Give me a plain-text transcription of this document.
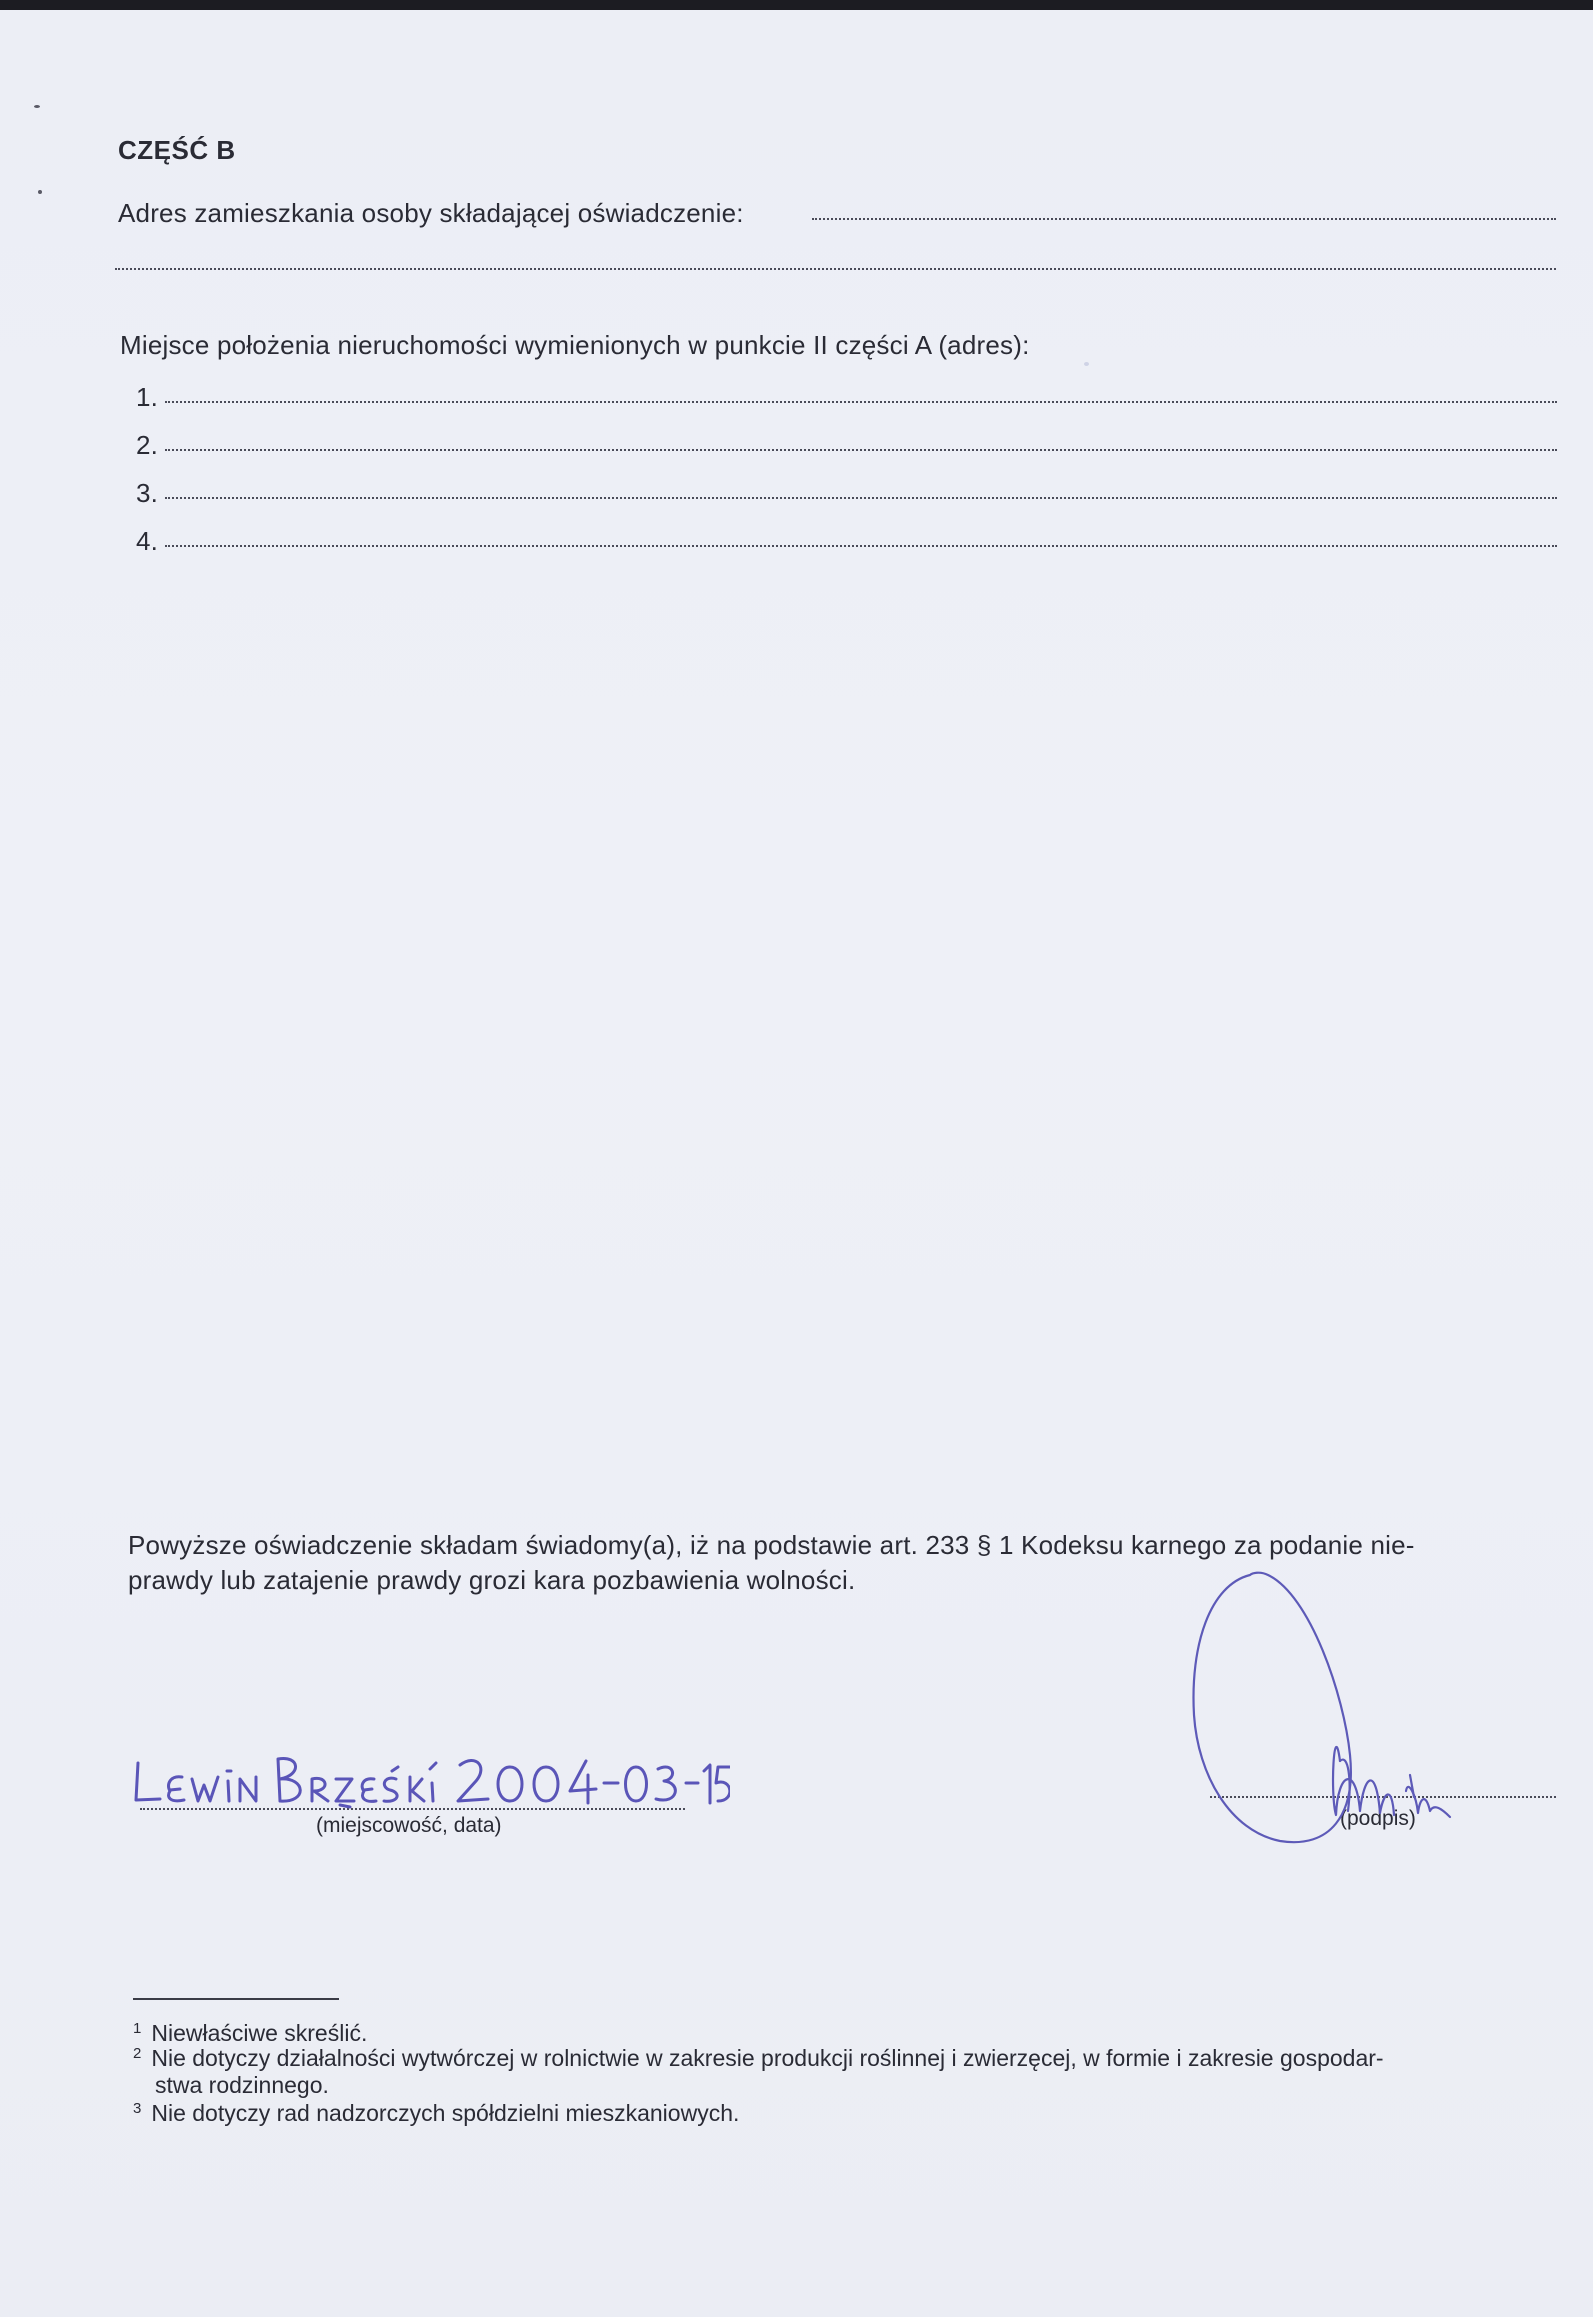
CZĘŚĆ B
Adres zamieszkania osoby składającej oświadczenie:
Miejsce położenia nieruchomości wymienionych w punkcie II części A (adres):
1.
2.
3.
4.
Powyższe oświadczenie składam świadomy(a), iż na podstawie art. 233 § 1 Kodeksu karnego za podanie nie-
prawdy lub zatajenie prawdy grozi kara pozbawienia wolności.
(miejscowość, data)	(podpis)
$^1$ Niewłaściwe skreślić.
$^2$ Nie dotyczy działalności wytwórczej w rolnictwie w zakresie produkcji roślinnej i zwierzęcej, w formie i zakresie gospodar-
stwa rodzinnego.
$^3$ Nie dotyczy rad nadzorczych spółdzielni mieszkaniowych.
